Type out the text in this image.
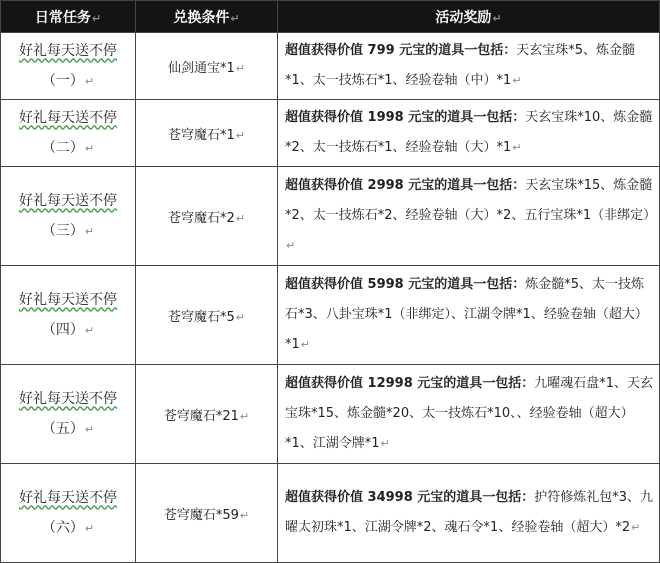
日常任务↵	兑换条件↵	活动奖励↵

好礼每天送不停
（一）↵	仙剑通宝*1↵	超值获得价值 799 元宝的道具一包括：天玄宝珠*5、炼金髓*1、太一技炼石*1、经验卷轴（中）*1↵

好礼每天送不停
（二）↵	苍穹魔石*1↵	超值获得价值 1998 元宝的道具一包括：天玄宝珠*10、炼金髓*2、太一技炼石*1、经验卷轴（大）*1↵

好礼每天送不停
（三）↵	苍穹魔石*2↵	超值获得价值 2998 元宝的道具一包括：天玄宝珠*15、炼金髓*2、太一技炼石*2、经验卷轴（大）*2、五行宝珠*1（非绑定）↵

好礼每天送不停
（四）↵	苍穹魔石*5↵	超值获得价值 5998 元宝的道具一包括：炼金髓*5、太一技炼石*3、八卦宝珠*1（非绑定）、江湖令牌*1、经验卷轴（超大）*1↵

好礼每天送不停
（五）↵	苍穹魔石*21↵	超值获得价值 12998 元宝的道具一包括：九曜魂石盘*1、天玄宝珠*15、炼金髓*20、太一技炼石*10、、经验卷轴（超大）*1、江湖令牌*1↵

好礼每天送不停
（六）↵	苍穹魔石*59↵	超值获得价值 34998 元宝的道具一包括：护符修炼礼包*3、九曜太初珠*1、江湖令牌*2、魂石令*1、经验卷轴（超大）*2↵
